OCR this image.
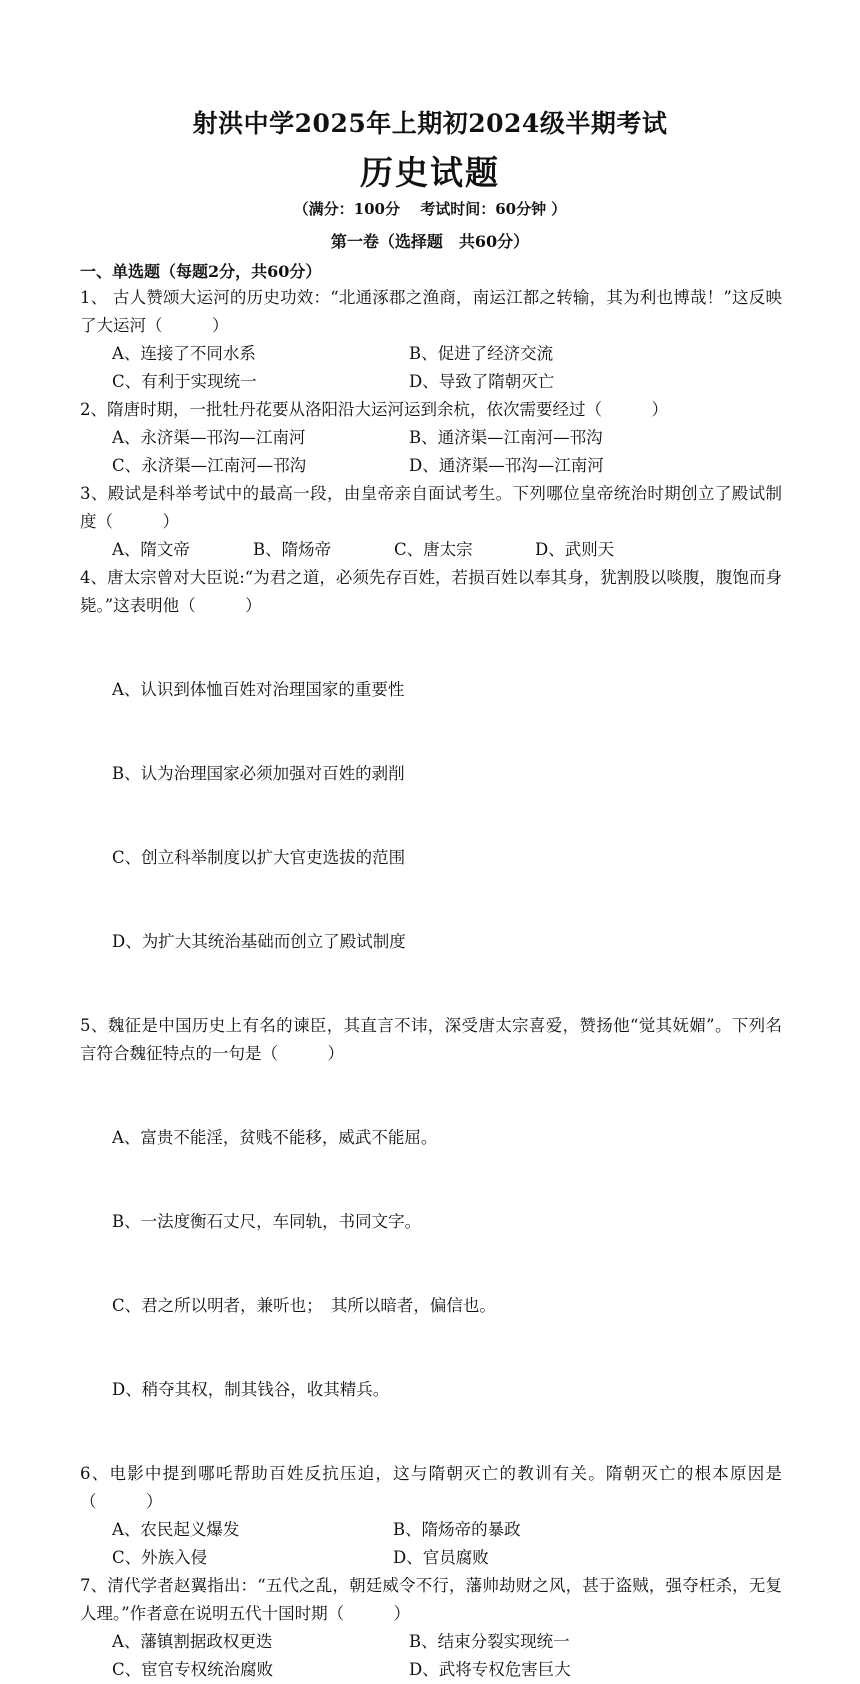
射洪中学2025年上期初2024级半期考试
历史试题
（满分：100分　 考试时间：60分钟 ）
第一卷（选择题　共60分）
一、单选题（每题2分，共60分）
1、 古人赞颂大运河的历史功效：“北通涿郡之渔商，南运江都之转输，其为利也博哉！”这反映了大运河（　　　）
A、连接了不同水系	B、促进了经济交流
C、有利于实现统一	D、导致了隋朝灭亡
2、隋唐时期，一批牡丹花要从洛阳沿大运河运到余杭，依次需要经过（　　　）
A、永济渠—邗沟—江南河	B、通济渠—江南河—邗沟
C、永济渠—江南河—邗沟	D、通济渠—邗沟—江南河
3、殿试是科举考试中的最高一段，由皇帝亲自面试考生。下列哪位皇帝统治时期创立了殿试制度（　　　）
A、隋文帝	B、隋炀帝	C、唐太宗	D、武则天
4、唐太宗曾对大臣说:“为君之道，必须先存百姓，若损百姓以奉其身，犹割股以啖腹，腹饱而身毙。”这表明他（　　　）

A、认识到体恤百姓对治理国家的重要性

B、认为治理国家必须加强对百姓的剥削

C、创立科举制度以扩大官吏选拔的范围

D、为扩大其统治基础而创立了殿试制度

5、魏征是中国历史上有名的谏臣，其直言不讳，深受唐太宗喜爱，赞扬他“觉其妩媚”。下列名言符合魏征特点的一句是（　　　）

A、富贵不能淫，贫贱不能移，威武不能屈。

B、一法度衡石丈尺，车同轨，书同文字。

C、君之所以明者，兼听也；　其所以暗者，偏信也。

D、稍夺其权，制其钱谷，收其精兵。

6、电影中提到哪吒帮助百姓反抗压迫，这与隋朝灭亡的教训有关。隋朝灭亡的根本原因是（　　　）
A、农民起义爆发	B、隋炀帝的暴政
C、外族入侵	D、官员腐败
7、清代学者赵翼指出：“五代之乱，朝廷威令不行，藩帅劫财之风，甚于盗贼，强夺枉杀，无复人理。”作者意在说明五代十国时期（　　　）
A、藩镇割据政权更迭	B、结束分裂实现统一
C、宦官专权统治腐败	D、武将专权危害巨大
